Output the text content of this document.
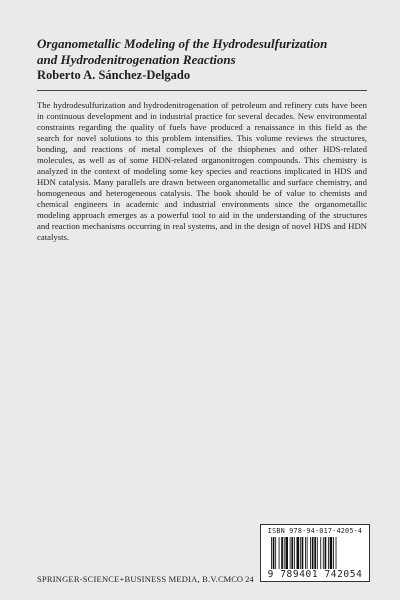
Organometallic Modeling of the Hydrodesulfurization
and Hydrodenitrogenation Reactions

Roberto A. Sánchez-Delgado

The hydrodesulfurization and hydrodenitrogenation of petroleum and refinery cuts have been in continuous development and in industrial practice for several decades. New environmental constraints regarding the quality of fuels have produced a renaissance in this field as the search for novel solutions to this problem intensifies. This volume reviews the structures, bonding, and reactions of metal complexes of the thiophenes and other HDS-related molecules, as well as of some HDN-related organonitrogen compounds. This chemistry is analyzed in the context of modeling some key species and reactions implicated in HDS and HDN catalysis. Many parallels are drawn between organometallic and surface chemistry, and homogeneous and heterogeneous catalysis. The book should be of value to chemists and chemical engineers in academic and industrial environments since the organometallic modeling approach emerges as a powerful tool to aid in the understanding of the structures and reaction mechanisms occurring in real systems, and in the design of novel HDS and HDN catalysts.

ISBN 978-94-017-4205-4
9 789401 742054
SPRINGER-SCIENCE+BUSINESS MEDIA, B.V. CMCO 24
